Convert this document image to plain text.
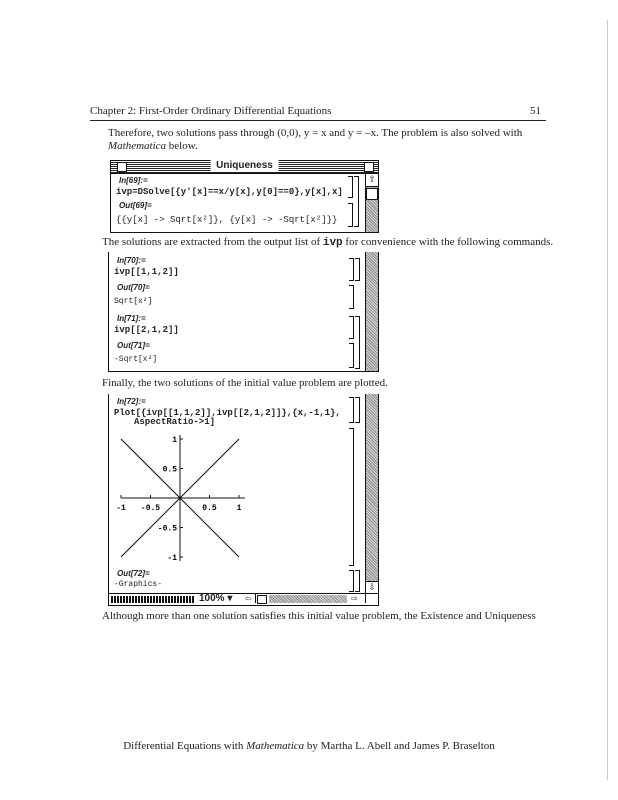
Chapter 2: First-Order Ordinary Differential Equations	51
Therefore, two solutions pass through (0,0), y = x and y = –x. The problem is also solved with
Mathematica below.
Uniqueness
⇧
In[69]:=
ivp=DSolve[{y'[x]==x/y[x],y[0]==0},y[x],x]
Out[69]=
{{y[x] -> Sqrt[x²]}, {y[x] -> -Sqrt[x²]}}
The solutions are extracted from the output list of ivp for convenience with the following commands.
In[70]:=
ivp[[1,1,2]]
Out[70]=
Sqrt[x²]
In[71]:=
ivp[[2,1,2]]
Out[71]=
-Sqrt[x²]
Finally, the two solutions of the initial value problem are plotted.
⇩
In[72]:=
Plot[{ivp[[1,1,2]],ivp[[2,1,2]]},{x,-1,1},
AspectRatio->1]
-1 -0.5	0.5 1
1
0.5
-0.5
-1
Out[72]=
-Graphics-
100% ▾ ⇦	⇨
Although more than one solution satisfies this initial value problem, the Existence and Uniqueness
Differential Equations with Mathematica by Martha L. Abell and James P. Braselton
